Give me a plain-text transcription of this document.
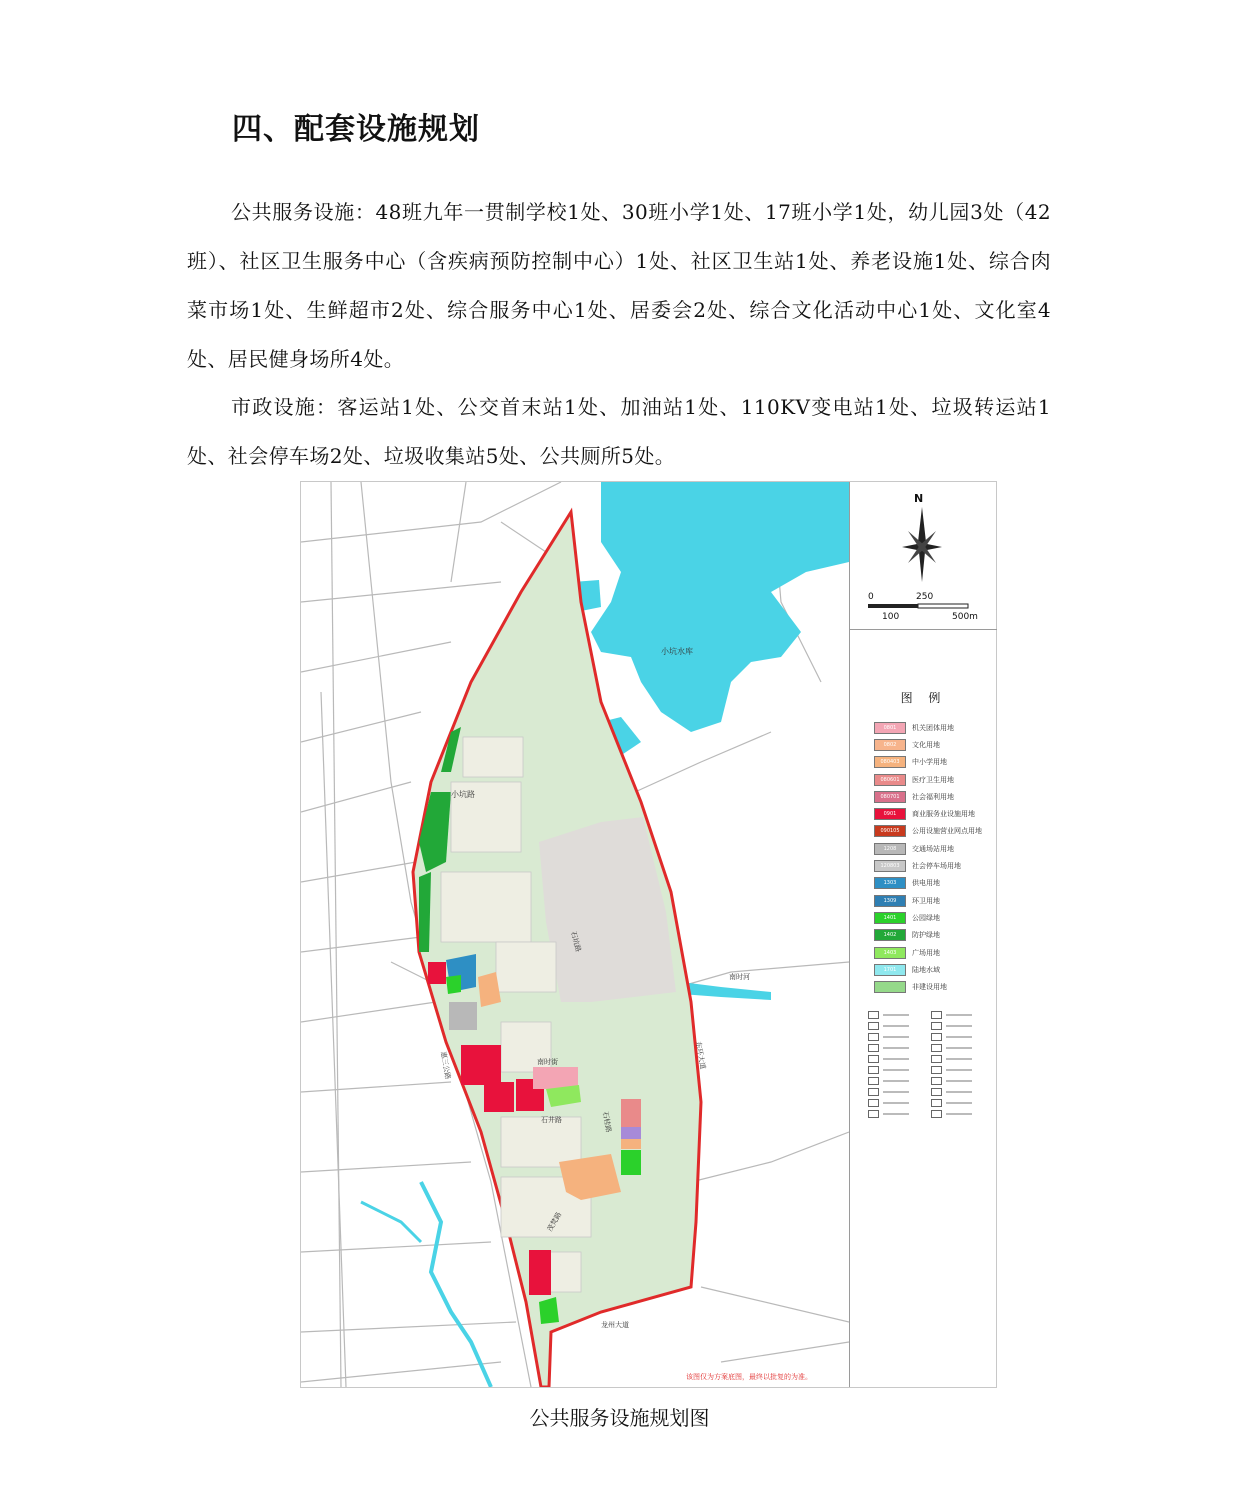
四、配套设施规划

公共服务设施：48班九年一贯制学校1处、30班小学1处、17班小学1处，幼儿园3处（42班）、社区卫生服务中心（含疾病预防控制中心）1处、社区卫生站1处、养老设施1处、综合肉菜市场1处、生鲜超市2处、综合服务中心1处、居委会2处、综合文化活动中心1处、文化室4处、居民健身场所4处。

市政设施：客运站1处、公交首末站1处、加油站1处、110KV变电站1处、垃圾转运站1处、社会停车场2处、垃圾收集站5处、公共厕所5处。

小坑水库
小坑路
石坑路
南时河
南时街
石井路	石桂路
茂梵路
龙州大道
惠三公路	东环大道
该图仅为方案底图，最终以批复的为准。
N
0	250
100	500m
图 例
0801	机关团体用地
0802	文化用地
080403	中小学用地
080601	医疗卫生用地
080701	社会福利用地
0901	商业服务业设施用地
090105	公用设施营业网点用地
1208	交通场站用地
120803	社会停车场用地
1303	供电用地
1309	环卫用地
1401	公园绿地
1402	防护绿地
1403	广场用地
1701	陆地水域
非建设用地
公共服务设施规划图
